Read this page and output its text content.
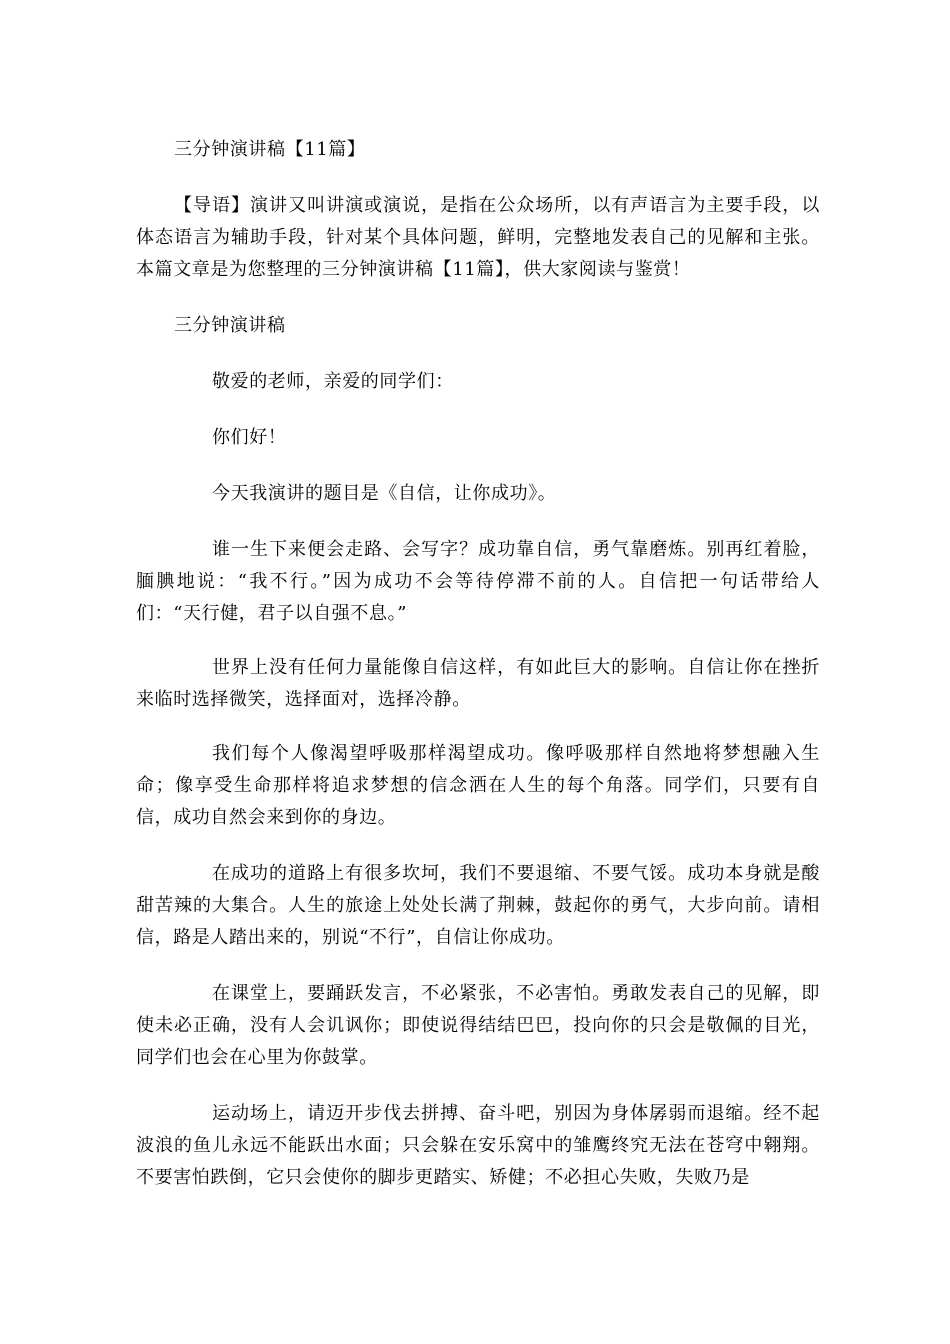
三分钟演讲稿【11篇】

【导语】演讲又叫讲演或演说，是指在公众场所，以有声语言为主要手段，以体态语言为辅助手段，针对某个具体问题，鲜明，完整地发表自己的见解和主张。本篇文章是为您整理的三分钟演讲稿【11篇】，供大家阅读与鉴赏！

三分钟演讲稿

敬爱的老师，亲爱的同学们：

你们好！

今天我演讲的题目是《自信，让你成功》。

谁一生下来便会走路、会写字？成功靠自信，勇气靠磨炼。别再红着脸，腼腆地说：“我不行。”因为成功不会等待停滞不前的人。自信把一句话带给人们：“天行健，君子以自强不息。”

世界上没有任何力量能像自信这样，有如此巨大的影响。自信让你在挫折来临时选择微笑，选择面对，选择冷静。

我们每个人像渴望呼吸那样渴望成功。像呼吸那样自然地将梦想融入生命；像享受生命那样将追求梦想的信念洒在人生的每个角落。同学们，只要有自信，成功自然会来到你的身边。

在成功的道路上有很多坎坷，我们不要退缩、不要气馁。成功本身就是酸甜苦辣的大集合。人生的旅途上处处长满了荆棘，鼓起你的勇气，大步向前。请相信，路是人踏出来的，别说“不行”，自信让你成功。

在课堂上，要踊跃发言，不必紧张，不必害怕。勇敢发表自己的见解，即使未必正确，没有人会讥讽你；即使说得结结巴巴，投向你的只会是敬佩的目光，同学们也会在心里为你鼓掌。

运动场上，请迈开步伐去拼搏、奋斗吧，别因为身体孱弱而退缩。经不起波浪的鱼儿永远不能跃出水面；只会躲在安乐窝中的雏鹰终究无法在苍穹中翱翔。不要害怕跌倒，它只会使你的脚步更踏实、矫健；不必担心失败，失败乃是
